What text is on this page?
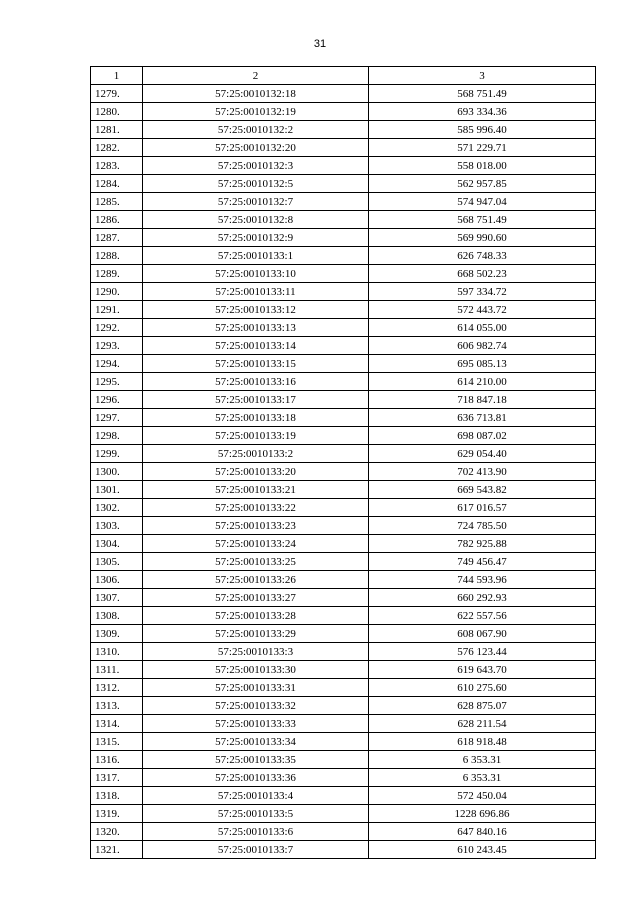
31
1	2	3
1279.	57:25:0010132:18	568 751.49
1280.	57:25:0010132:19	693 334.36
1281.	57:25:0010132:2	585 996.40
1282.	57:25:0010132:20	571 229.71
1283.	57:25:0010132:3	558 018.00
1284.	57:25:0010132:5	562 957.85
1285.	57:25:0010132:7	574 947.04
1286.	57:25:0010132:8	568 751.49
1287.	57:25:0010132:9	569 990.60
1288.	57:25:0010133:1	626 748.33
1289.	57:25:0010133:10	668 502.23
1290.	57:25:0010133:11	597 334.72
1291.	57:25:0010133:12	572 443.72
1292.	57:25:0010133:13	614 055.00
1293.	57:25:0010133:14	606 982.74
1294.	57:25:0010133:15	695 085.13
1295.	57:25:0010133:16	614 210.00
1296.	57:25:0010133:17	718 847.18
1297.	57:25:0010133:18	636 713.81
1298.	57:25:0010133:19	698 087.02
1299.	57:25:0010133:2	629 054.40
1300.	57:25:0010133:20	702 413.90
1301.	57:25:0010133:21	669 543.82
1302.	57:25:0010133:22	617 016.57
1303.	57:25:0010133:23	724 785.50
1304.	57:25:0010133:24	782 925.88
1305.	57:25:0010133:25	749 456.47
1306.	57:25:0010133:26	744 593.96
1307.	57:25:0010133:27	660 292.93
1308.	57:25:0010133:28	622 557.56
1309.	57:25:0010133:29	608 067.90
1310.	57:25:0010133:3	576 123.44
1311.	57:25:0010133:30	619 643.70
1312.	57:25:0010133:31	610 275.60
1313.	57:25:0010133:32	628 875.07
1314.	57:25:0010133:33	628 211.54
1315.	57:25:0010133:34	618 918.48
1316.	57:25:0010133:35	6 353.31
1317.	57:25:0010133:36	6 353.31
1318.	57:25:0010133:4	572 450.04
1319.	57:25:0010133:5	1228 696.86
1320.	57:25:0010133:6	647 840.16
1321.	57:25:0010133:7	610 243.45
